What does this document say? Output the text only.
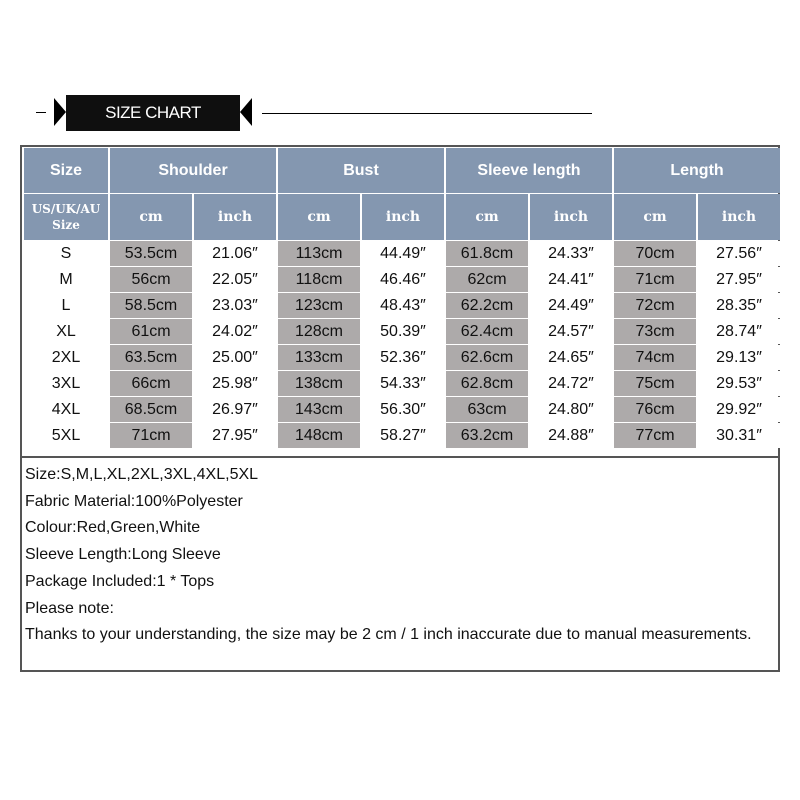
SIZE CHART
Size	Shoulder		Bust		Sleeve length		Length	

US/UK/AU
Size	cm	inch	cm	inch	cm	inch	cm	inch
S	53.5cm	21.06″	113cm	44.49″	61.8cm	24.33″	70cm	27.56″
M	56cm	22.05″	118cm	46.46″	62cm	24.41″	71cm	27.95″
L	58.5cm	23.03″	123cm	48.43″	62.2cm	24.49″	72cm	28.35″
XL	61cm	24.02″	128cm	50.39″	62.4cm	24.57″	73cm	28.74″
2XL	63.5cm	25.00″	133cm	52.36″	62.6cm	24.65″	74cm	29.13″
3XL	66cm	25.98″	138cm	54.33″	62.8cm	24.72″	75cm	29.53″
4XL	68.5cm	26.97″	143cm	56.30″	63cm	24.80″	76cm	29.92″
5XL	71cm	27.95″	148cm	58.27″	63.2cm	24.88″	77cm	30.31″
Size:S,M,L,XL,2XL,3XL,4XL,5XL
Fabric Material:100%Polyester
Colour:Red,Green,White
Sleeve Length:Long Sleeve
Package Included:1 * Tops
Please note:
Thanks to your understanding, the size may be 2 cm / 1 inch inaccurate due to manual measurements.
